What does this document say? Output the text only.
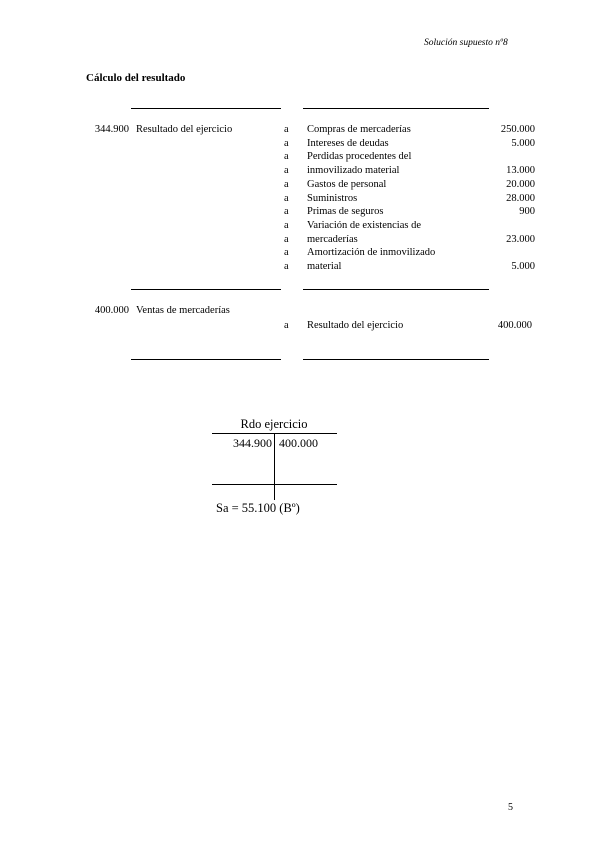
Solución supuesto nº8
Cálculo del resultado
344.900 Resultado del ejercicio	a Compras de mercaderías	250.000
a Intereses de deudas	5.000
a Perdidas procedentes del
a inmovilizado material	13.000
a Gastos de personal	20.000
a Suministros	28.000
a Primas de seguros	900
a Variación de existencias de
a mercaderías	23.000
a Amortización de inmovilizado
a material	5.000
400.000 Ventas de mercaderías
a Resultado del ejercicio	400.000
Rdo ejercicio
344.900 400.000
Sa = 55.100 (Bº)
5
